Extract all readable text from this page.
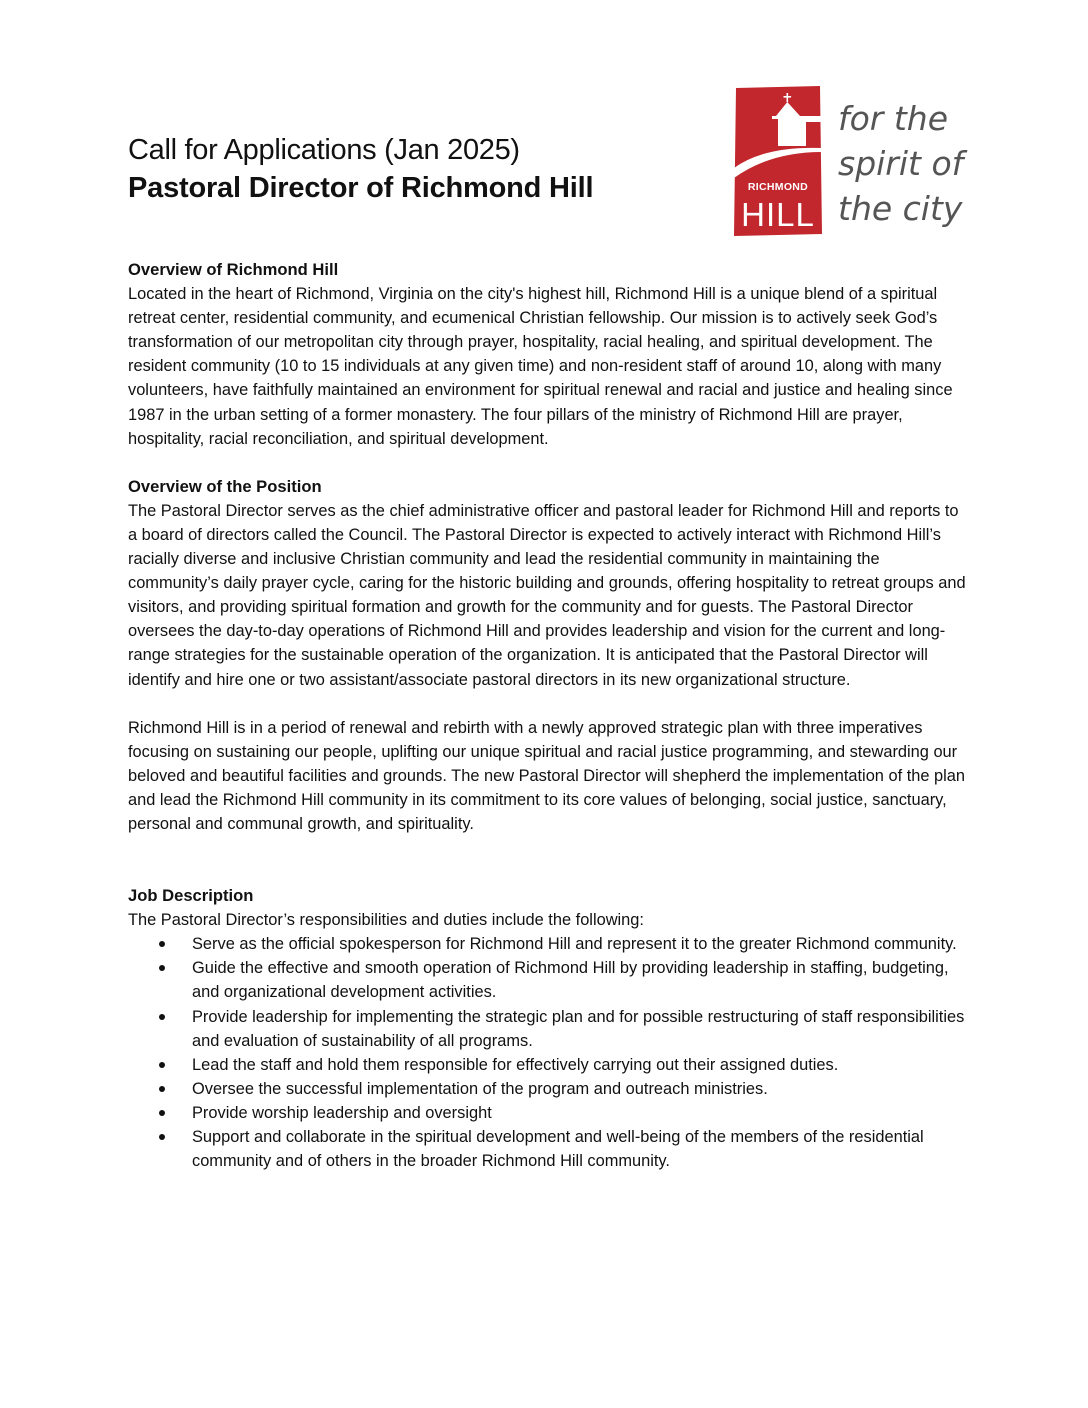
Call for Applications (Jan 2025)
Pastoral Director of Richmond Hill	RICHMOND
HILL
for the
spirit of
the city
Overview of Richmond Hill

Located in the heart of Richmond, Virginia on the city's highest hill, Richmond Hill is a unique blend of a spiritual retreat center, residential community, and ecumenical Christian fellowship. Our mission is to actively seek God’s transformation of our metropolitan city through prayer, hospitality, racial healing, and spiritual development. The resident community (10 to 15 individuals at any given time) and non-resident staff of around 10, along with many volunteers, have faithfully maintained an environment for spiritual renewal and racial and justice and healing since 1987 in the urban setting of a former monastery. The four pillars of the ministry of Richmond Hill are prayer, hospitality, racial reconciliation, and spiritual development.

Overview of the Position

The Pastoral Director serves as the chief administrative officer and pastoral leader for Richmond Hill and reports to a board of directors called the Council. The Pastoral Director is expected to actively interact with Richmond Hill’s racially diverse and inclusive Christian community and lead the residential community in maintaining the community’s daily prayer cycle, caring for the historic building and grounds, offering hospitality to retreat groups and visitors, and providing spiritual formation and growth for the community and for guests. The Pastoral Director oversees the day-to-day operations of Richmond Hill and provides leadership and vision for the current and long-range strategies for the sustainable operation of the organization. It is anticipated that the Pastoral Director will identify and hire one or two assistant/associate pastoral directors in its new organizational structure.

Richmond Hill is in a period of renewal and rebirth with a newly approved strategic plan with three imperatives focusing on sustaining our people, uplifting our unique spiritual and racial justice programming, and stewarding our beloved and beautiful facilities and grounds. The new Pastoral Director will shepherd the implementation of the plan and lead the Richmond Hill community in its commitment to its core values of belonging, social justice, sanctuary, personal and communal growth, and spirituality.

Job Description

The Pastoral Director’s responsibilities and duties include the following:

Serve as the official spokesperson for Richmond Hill and represent it to the greater Richmond community.
Guide the effective and smooth operation of Richmond Hill by providing leadership in staffing, budgeting, and organizational development activities.
Provide leadership for implementing the strategic plan and for possible restructuring of staff responsibilities and evaluation of sustainability of all programs.
Lead the staff and hold them responsible for effectively carrying out their assigned duties.
Oversee the successful implementation of the program and outreach ministries.
Provide worship leadership and oversight
Support and collaborate in the spiritual development and well-being of the members of the residential community and of others in the broader Richmond Hill community.
